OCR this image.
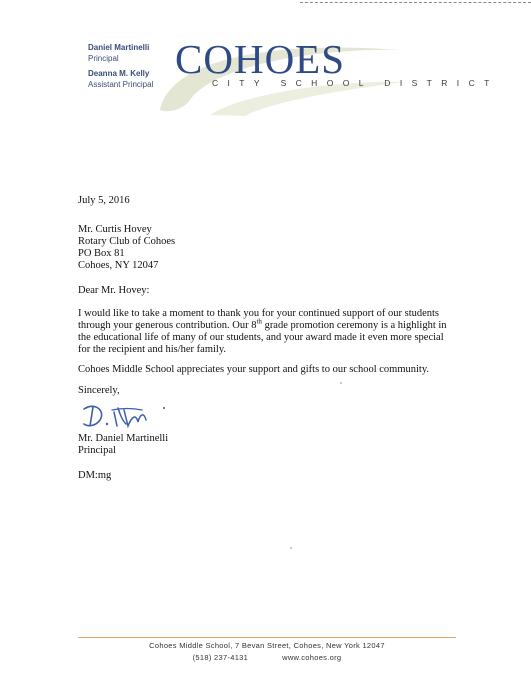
Daniel Martinelli
Principal
Deanna M. Kelly
Assistant Principal
COHOES
CITY SCHOOL DISTRICT
July 5, 2016
Mr. Curtis Hovey
Rotary Club of Cohoes
PO Box 81
Cohoes, NY 12047
Dear Mr. Hovey:
I would like to take a moment to thank you for your continued support of our students
through your generous contribution. Our 8th grade promotion ceremony is a highlight in
the educational life of many of our students, and your award made it even more special
for the recipient and his/her family.
Cohoes Middle School appreciates your support and gifts to our school community.
Sincerely,
Mr. Daniel Martinelli
Principal
DM:mg
Cohoes Middle School, 7 Bevan Street, Cohoes, New York 12047
(518) 237-4131	www.cohoes.org
